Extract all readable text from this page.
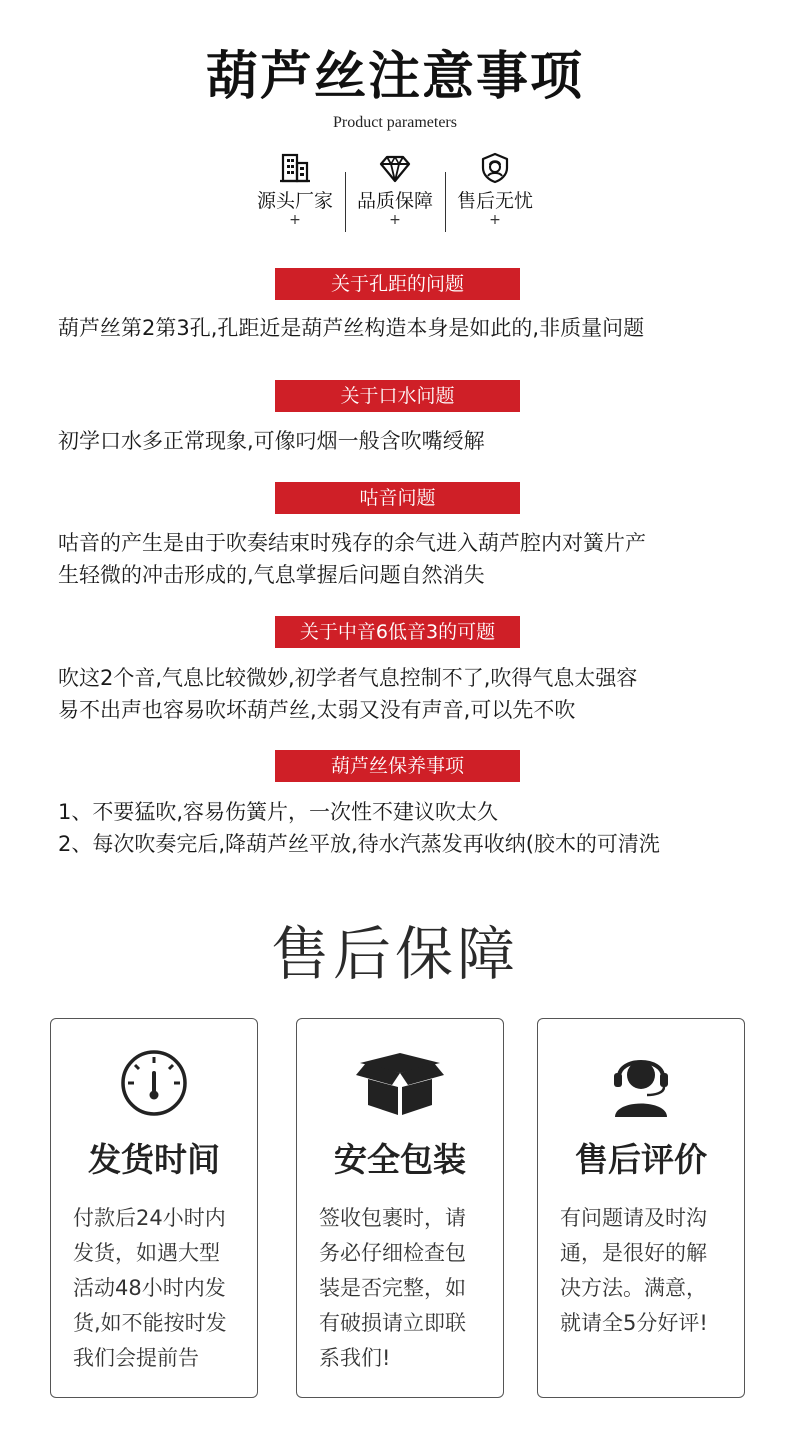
葫芦丝注意事项
Product parameters
源头厂家
+
品质保障
+
售后无忧
+
关于孔距的问题
葫芦丝第2第3孔,孔距近是葫芦丝构造本身是如此的,非质量问题
关于口水问题
初学口水多正常现象,可像叼烟一般含吹嘴绶解
咕音问题
咕音的产生是由于吹奏结束时残存的余气进入葫芦腔内对簧片产
生轻微的冲击形成的,气息掌握后问题自然消失
关于中音6低音3的可题
吹这2个音,气息比较微妙,初学者气息控制不了,吹得气息太强容
易不出声也容易吹坏葫芦丝,太弱又没有声音,可以先不吹
葫芦丝保养事项
1、不要猛吹,容易伤簧片，一次性不建议吹太久
2、每次吹奏完后,降葫芦丝平放,待水汽蒸发再收纳(胶木的可清洗
售后保障
发货时间
付款后24小时内
发货，如遇大型
活动48小时内发
货,如不能按时发
我们会提前告
安全包装
签收包裹时，请
务必仔细检查包
装是否完整，如
有破损请立即联
系我们!
售后评价
有问题请及时沟
通，是很好的解
决方法。满意，
就请全5分好评!
